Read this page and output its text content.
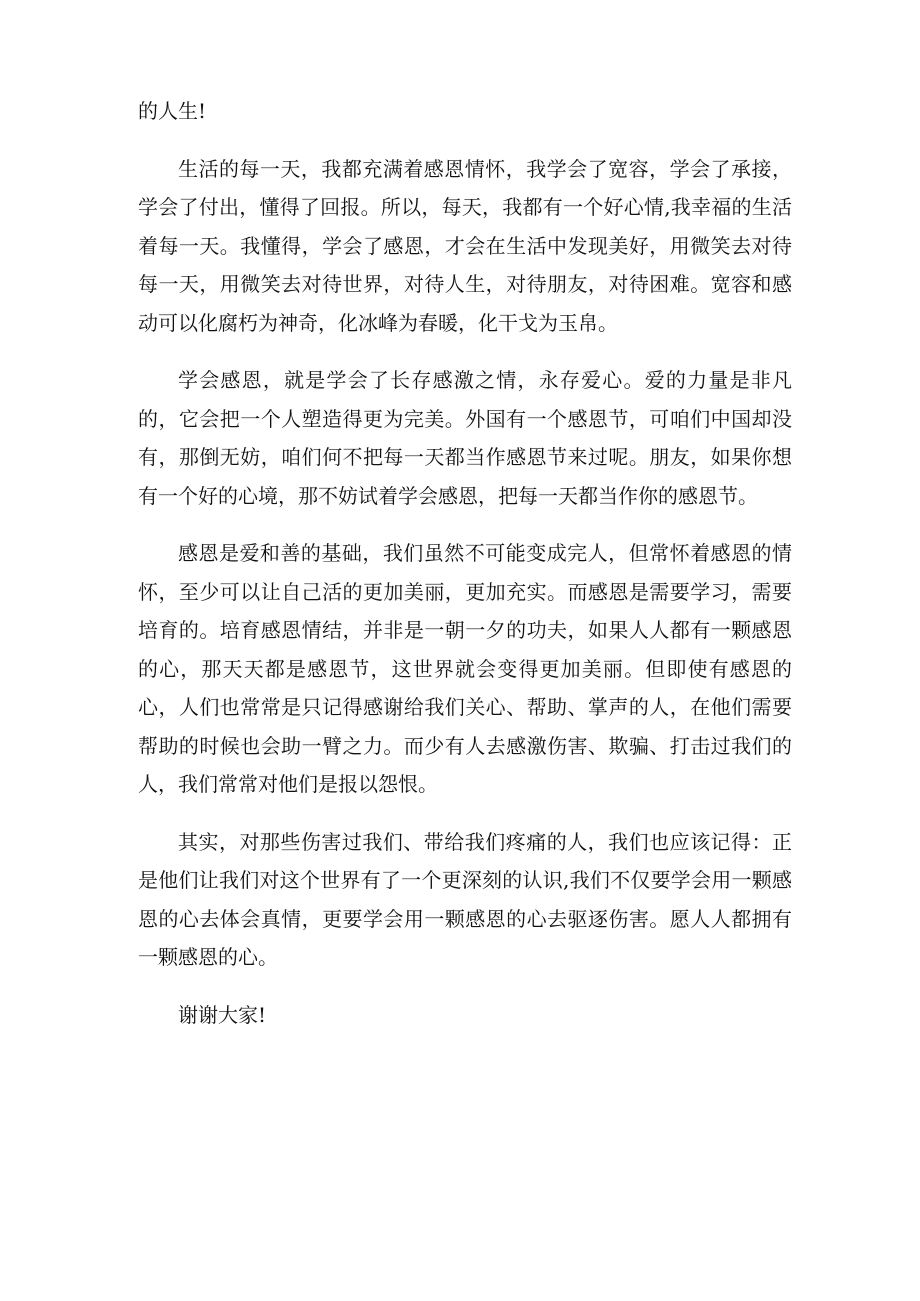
的人生!

生活的每一天，我都充满着感恩情怀，我学会了宽容，学会了承接，学会了付出，懂得了回报。所以，每天，我都有一个好心情,我幸福的生活着每一天。我懂得，学会了感恩，才会在生活中发现美好，用微笑去对待每一天，用微笑去对待世界，对待人生，对待朋友，对待困难。宽容和感动可以化腐朽为神奇，化冰峰为春暖，化干戈为玉帛。

学会感恩，就是学会了长存感激之情，永存爱心。爱的力量是非凡的，它会把一个人塑造得更为完美。外国有一个感恩节，可咱们中国却没有，那倒无妨，咱们何不把每一天都当作感恩节来过呢。朋友，如果你想有一个好的心境，那不妨试着学会感恩，把每一天都当作你的感恩节。

感恩是爱和善的基础，我们虽然不可能变成完人，但常怀着感恩的情怀，至少可以让自己活的更加美丽，更加充实。而感恩是需要学习，需要培育的。培育感恩情结，并非是一朝一夕的功夫，如果人人都有一颗感恩的心，那天天都是感恩节，这世界就会变得更加美丽。但即使有感恩的心，人们也常常是只记得感谢给我们关心、帮助、掌声的人，在他们需要帮助的时候也会助一臂之力。而少有人去感激伤害、欺骗、打击过我们的人，我们常常对他们是报以怨恨。

其实，对那些伤害过我们、带给我们疼痛的人，我们也应该记得：正是他们让我们对这个世界有了一个更深刻的认识,我们不仅要学会用一颗感恩的心去体会真情，更要学会用一颗感恩的心去驱逐伤害。愿人人都拥有一颗感恩的心。

谢谢大家!
